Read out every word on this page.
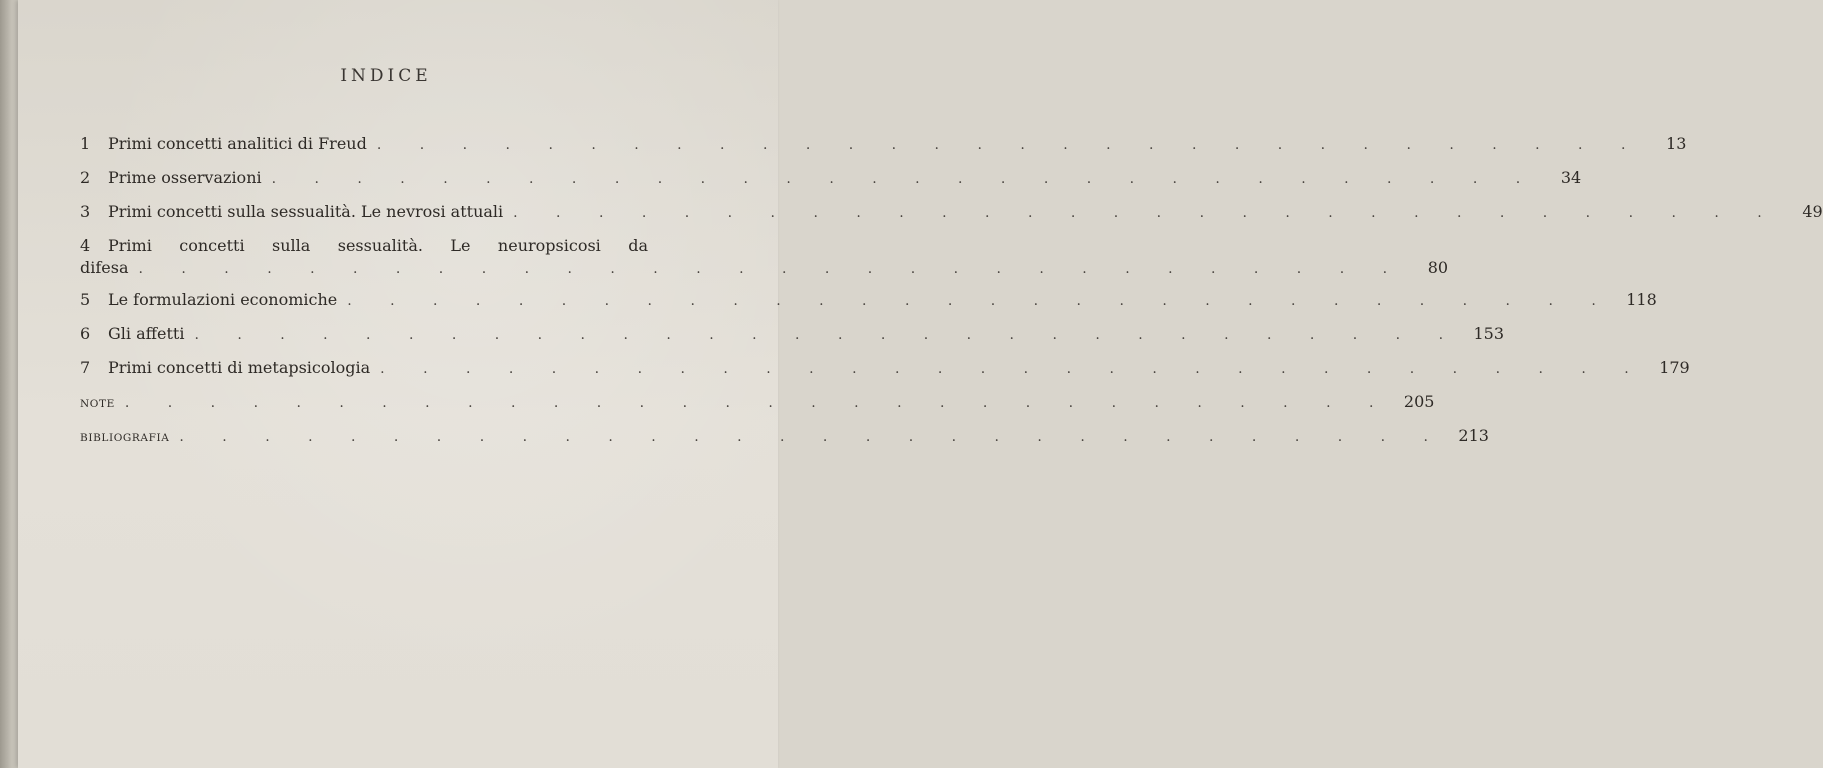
INDICE
1	Primi concetti analitici di Freud . . . . . . . . . . . . . . . . . . . . . . . . . . . . . .	13
2	Prime osservazioni . . . . . . . . . . . . . . . . . . . . . . . . . . . . . .	34
3	Primi concetti sulla sessualità. Le nevrosi attuali . . . . . . . . . . . . . . . . . . . . . . . . . . . . . .	49
4 Primi concetti sulla sessualità. Le neuropsicosi da
difesa . . . . . . . . . . . . . . . . . . . . . . . . . . . . . .	80
5	Le formulazioni economiche . . . . . . . . . . . . . . . . . . . . . . . . . . . . . . 118
6	Gli affetti . . . . . . . . . . . . . . . . . . . . . . . . . . . . . . 153
7	Primi concetti di metapsicologia . . . . . . . . . . . . . . . . . . . . . . . . . . . . . . 179
NOTE . . . . . . . . . . . . . . . . . . . . . . . . . . . . . . 205
BIBLIOGRAFIA . . . . . . . . . . . . . . . . . . . . . . . . . . . . . . 213
